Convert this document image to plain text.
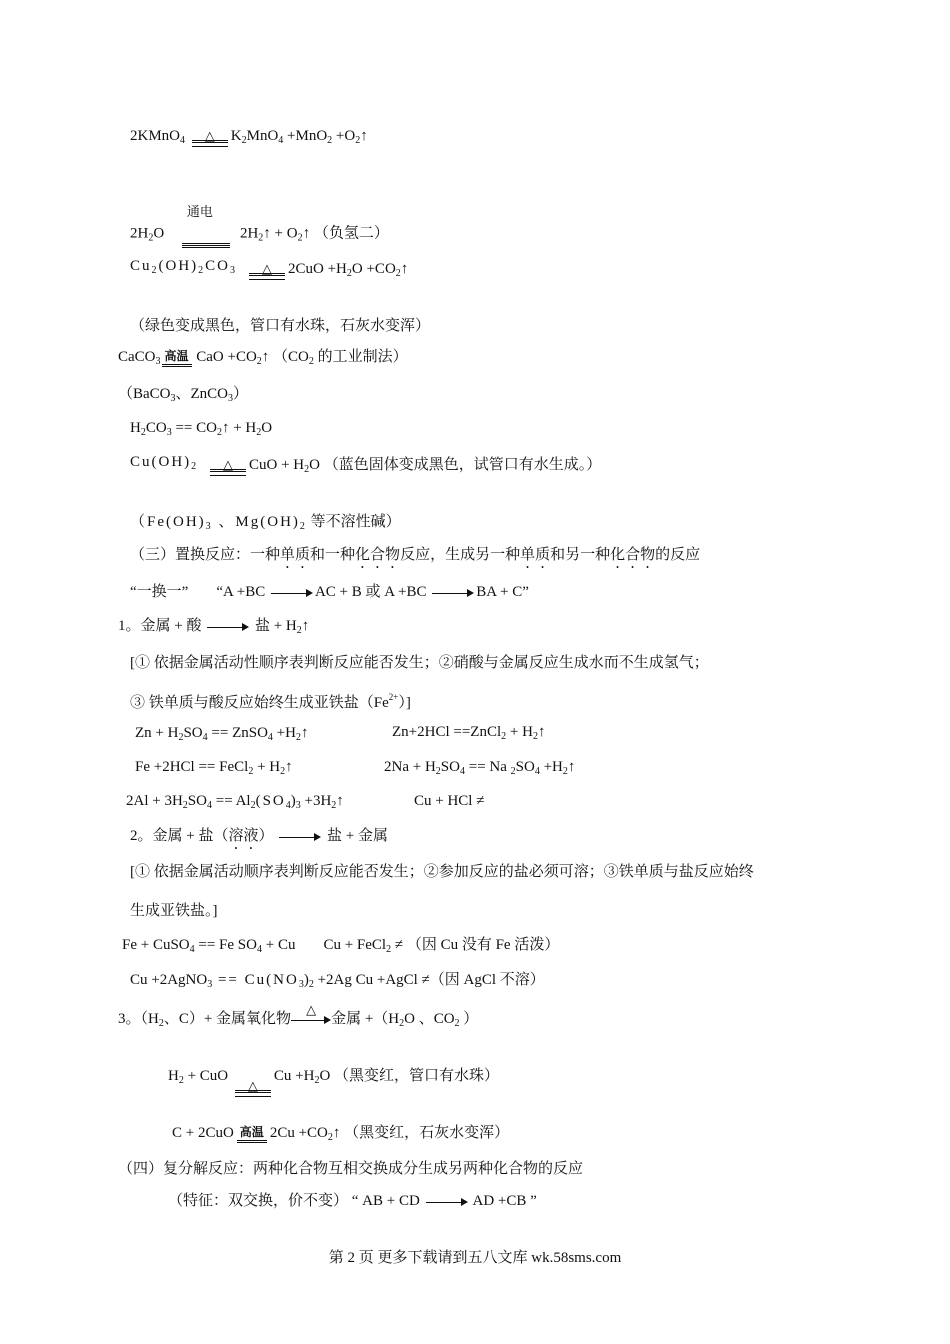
2KMnO$_4$	△	$K_2MnO_4 +MnO_2$ $+O_2↑$
$2H_2O$
通电
$2H_2↑$ + $O_2↑$ （负氢二）
$Cu_2(OH)_2CO_3$	△	$2CuO +H_2O$ $+CO_2↑$
（绿色变成黑色，管口有水珠，石灰水变浑）
CaCO$_3$ 高温 CaO $+CO_2↑$ （$CO_2$ 的工业制法）
（BaCO$_3$、ZnCO$_3$）
$H_2CO_3$ == $CO_2↑ + H_2O$
$Cu(OH)_2$	△	CuO + $H_2O$ （蓝色固体变成黑色，试管口有水生成。）
（$Fe(OH)_3$ 、$Mg(OH)_2$ 等不溶性碱）
（三）置换反应：一种单质和一种化合物反应，生成另一种单质和另一种化合物的反应
“一换一” “A +BC	AC + B 或 A +BC	BA + C”
1。金属 + 酸	盐 + $H_2↑$
[① 依据金属活动性顺序表判断反应能否发生；②硝酸与金属反应生成水而不生成氢气；
③ 铁单质与酸反应始终生成亚铁盐$(Fe^{2+})$]
$Zn + H_2SO_4$ == ZnSO$_4$ $+H_2↑$	Zn+2HCl ==ZnCl$_2$ + $H_2↑$
Fe +2HCl == FeCl$_2$ + $H_2↑$	$2Na + H_2SO_4 == Na$ $_2SO_4$ $+H_2↑$
$2Al + 3H_2SO_4 == Al_2(SO_4)_3$ $+3H_2↑$	Cu + HCl ≠
2。金属 + 盐（溶液）	盐 + 金属
[① 依据金属活动顺序表判断反应能否发生；②参加反应的盐必须可溶；③铁单质与盐反应始终
生成亚铁盐。]
Fe + CuSO$_4$ == Fe $SO_4 + Cu$ Cu + FeCl$_2$ ≠ （因 Cu 没有 Fe 活泼）
Cu +2AgNO$_3$ == $Cu(NO_3)_2 +2Ag$ Cu +AgCl ≠（因 AgCl 不溶）
3。（$H_2$、C）+ 金属氧化物
△
金属 $+(H_2O$ 、$CO_2$ ）
$H_2$ + CuO
△
$Cu +H_2O$ （黑变红，管口有水珠）
C + 2CuO 高温 $2Cu +CO_2↑$ （黑变红，石灰水变浑）
（四）复分解反应：两种化合物互相交换成分生成另两种化合物的反应
（特征：双交换，价不变） “ AB + CD	AD +CB ”
第 2 页 更多下载请到五八文库 wk.58sms.com
